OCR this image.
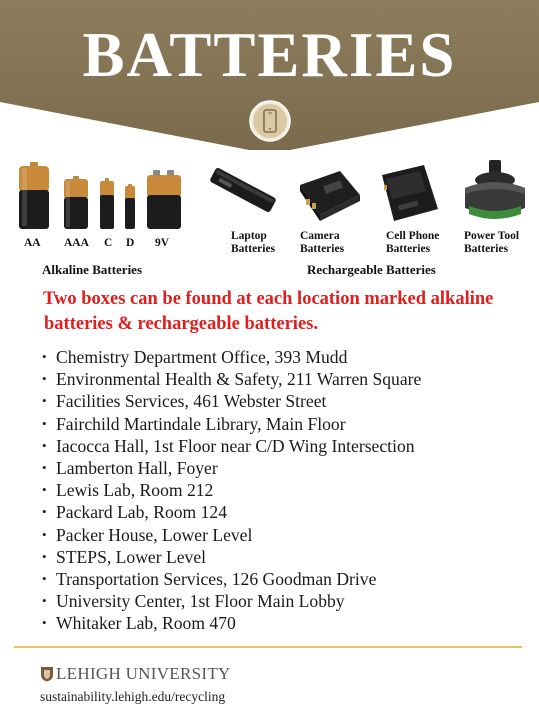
BATTERIES
AA AAA C D 9V
Alkaline Batteries
Laptop
Batteries
Camera
Batteries
Cell Phone
Batteries
Power Tool
Batteries
Rechargeable Batteries
Two boxes can be found at each location marked alkaline
batteries & rechargeable batteries.
• Chemistry Department Office, 393 Mudd
• Environmental Health & Safety, 211 Warren Square
• Facilities Services, 461 Webster Street
• Fairchild Martindale Library, Main Floor
• Iacocca Hall, 1st Floor near C/D Wing Intersection
• Lamberton Hall, Foyer
• Lewis Lab, Room 212
• Packard Lab, Room 124
• Packer House, Lower Level
• STEPS, Lower Level
• Transportation Services, 126 Goodman Drive
• University Center, 1st Floor Main Lobby
• Whitaker Lab, Room 470
LEHIGH UNIVERSITY
sustainability.lehigh.edu/recycling
